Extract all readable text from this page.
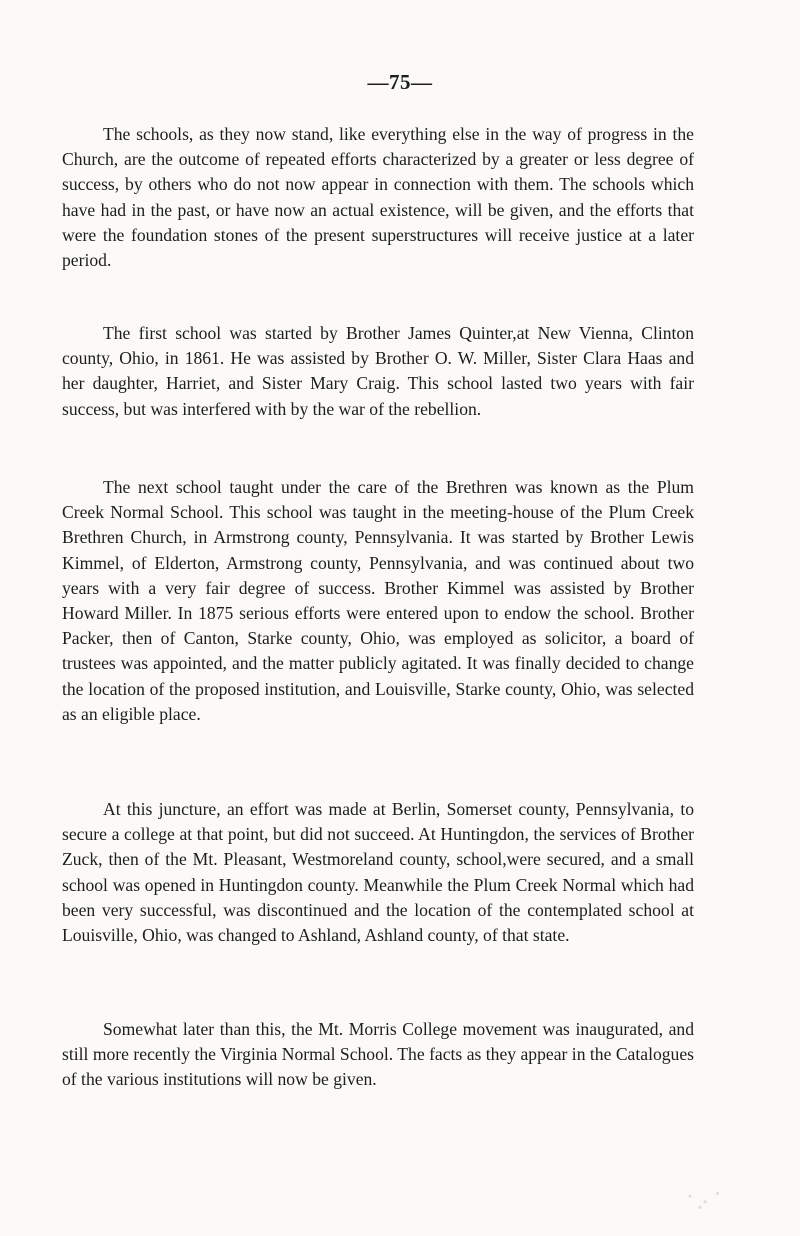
—75—

The schools, as they now stand, like everything else in the way of progress in the Church, are the outcome of repeated efforts characterized by a greater or less degree of success, by others who do not now appear in connection with them. The schools which have had in the past, or have now an actual existence, will be given, and the efforts that were the foundation stones of the present superstructures will receive justice at a later period.

The first school was started by Brother James Quinter,at New Vienna, Clinton county, Ohio, in 1861. He was assisted by Brother O. W. Miller, Sister Clara Haas and her daughter, Harriet, and Sister Mary Craig. This school lasted two years with fair success, but was interfered with by the war of the rebellion.

The next school taught under the care of the Brethren was known as the Plum Creek Normal School. This school was taught in the meeting-house of the Plum Creek Brethren Church, in Armstrong county, Pennsylvania. It was started by Brother Lewis Kimmel, of Elderton, Armstrong county, Pennsylvania, and was continued about two years with a very fair degree of success. Brother Kimmel was assisted by Brother Howard Miller. In 1875 serious efforts were entered upon to endow the school. Brother Packer, then of Canton, Starke county, Ohio, was employed as solicitor, a board of trustees was appointed, and the matter publicly agitated. It was finally decided to change the location of the proposed institution, and Louisville, Starke county, Ohio, was selected as an eligible place.

At this juncture, an effort was made at Berlin, Somerset county, Pennsylvania, to secure a college at that point, but did not succeed. At Huntingdon, the services of Brother Zuck, then of the Mt. Pleasant, Westmoreland county, school,were secured, and a small school was opened in Huntingdon county. Meanwhile the Plum Creek Normal which had been very successful, was discontinued and the location of the contemplated school at Louisville, Ohio, was changed to Ashland, Ashland county, of that state.

Somewhat later than this, the Mt. Morris College movement was inaugurated, and still more recently the Virginia Normal School. The facts as they appear in the Catalogues of the various institutions will now be given.
